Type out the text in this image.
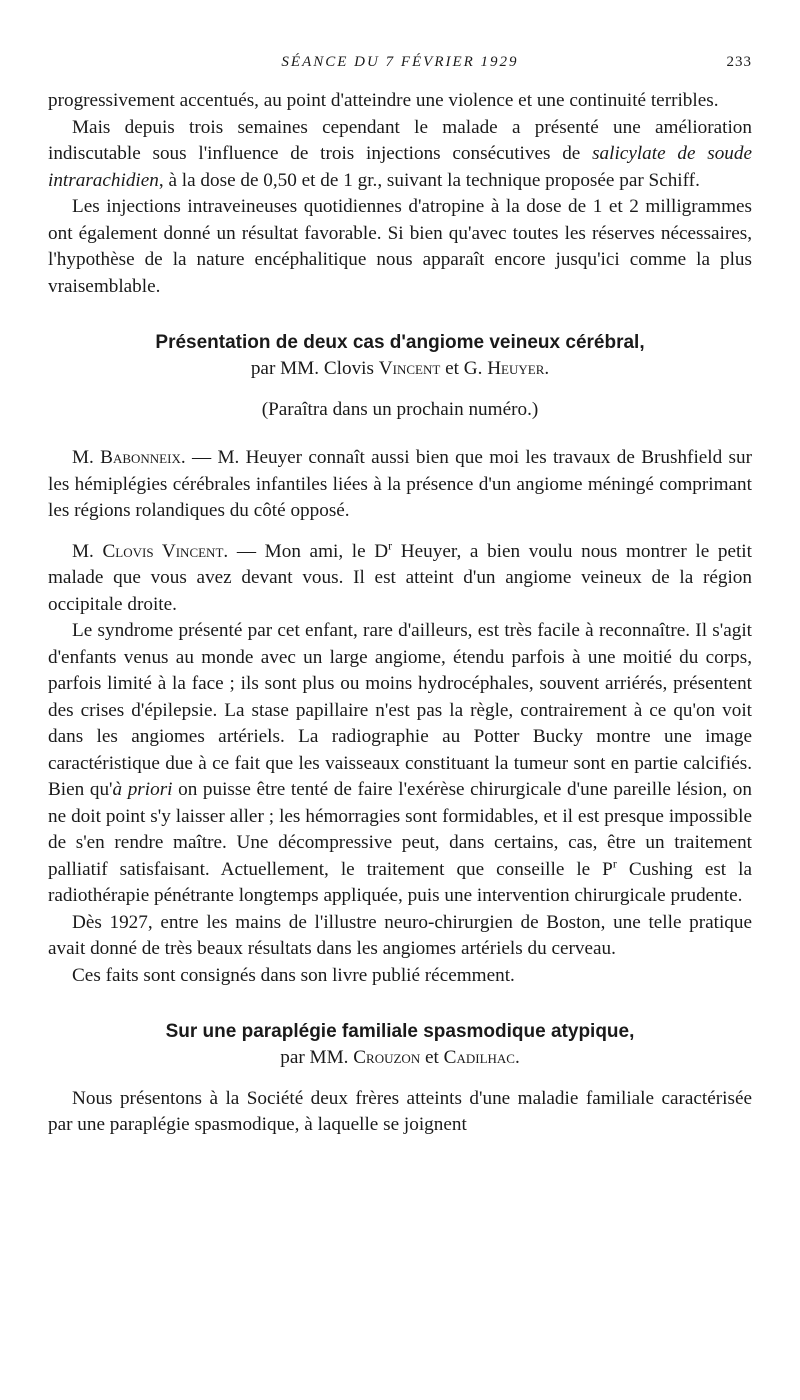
SÉANCE DU 7 FÉVRIER 1929	233

progressivement accentués, au point d'atteindre une violence et une continuité terribles.

Mais depuis trois semaines cependant le malade a présenté une amélioration indiscutable sous l'influence de trois injections consécutives de salicylate de soude intrarachidien, à la dose de 0,50 et de 1 gr., suivant la technique proposée par Schiff.

Les injections intraveineuses quotidiennes d'atropine à la dose de 1 et 2 milligrammes ont également donné un résultat favorable. Si bien qu'avec toutes les réserves nécessaires, l'hypothèse de la nature encéphalitique nous apparaît encore jusqu'ici comme la plus vraisemblable.

Présentation de deux cas d'angiome veineux cérébral,

par MM. Clovis Vincent et G. Heuyer.

(Paraîtra dans un prochain numéro.)

M. Babonneix. — M. Heuyer connaît aussi bien que moi les travaux de Brushfield sur les hémiplégies cérébrales infantiles liées à la présence d'un angiome méningé comprimant les régions rolandiques du côté opposé.

M. Clovis Vincent. — Mon ami, le $D^r$ Heuyer, a bien voulu nous montrer le petit malade que vous avez devant vous. Il est atteint d'un angiome veineux de la région occipitale droite.

Le syndrome présenté par cet enfant, rare d'ailleurs, est très facile à reconnaître. Il s'agit d'enfants venus au monde avec un large angiome, étendu parfois à une moitié du corps, parfois limité à la face ; ils sont plus ou moins hydrocéphales, souvent arriérés, présentent des crises d'épilepsie. La stase papillaire n'est pas la règle, contrairement à ce qu'on voit dans les angiomes artériels. La radiographie au Potter Bucky montre une image caractéristique due à ce fait que les vaisseaux constituant la tumeur sont en partie calcifiés. Bien qu'à priori on puisse être tenté de faire l'exérèse chirurgicale d'une pareille lésion, on ne doit point s'y laisser aller ; les hémorragies sont formidables, et il est presque impossible de s'en rendre maître. Une décompressive peut, dans certains, cas, être un traitement palliatif satisfaisant. Actuellement, le traitement que conseille le $P^r$ Cushing est la radiothérapie pénétrante longtemps appliquée, puis une intervention chirurgicale prudente.

Dès 1927, entre les mains de l'illustre neuro-chirurgien de Boston, une telle pratique avait donné de très beaux résultats dans les angiomes artériels du cerveau.

Ces faits sont consignés dans son livre publié récemment.

Sur une paraplégie familiale spasmodique atypique,

par MM. Crouzon et Cadilhac.

Nous présentons à la Société deux frères atteints d'une maladie familiale caractérisée par une paraplégie spasmodique, à laquelle se joignent
